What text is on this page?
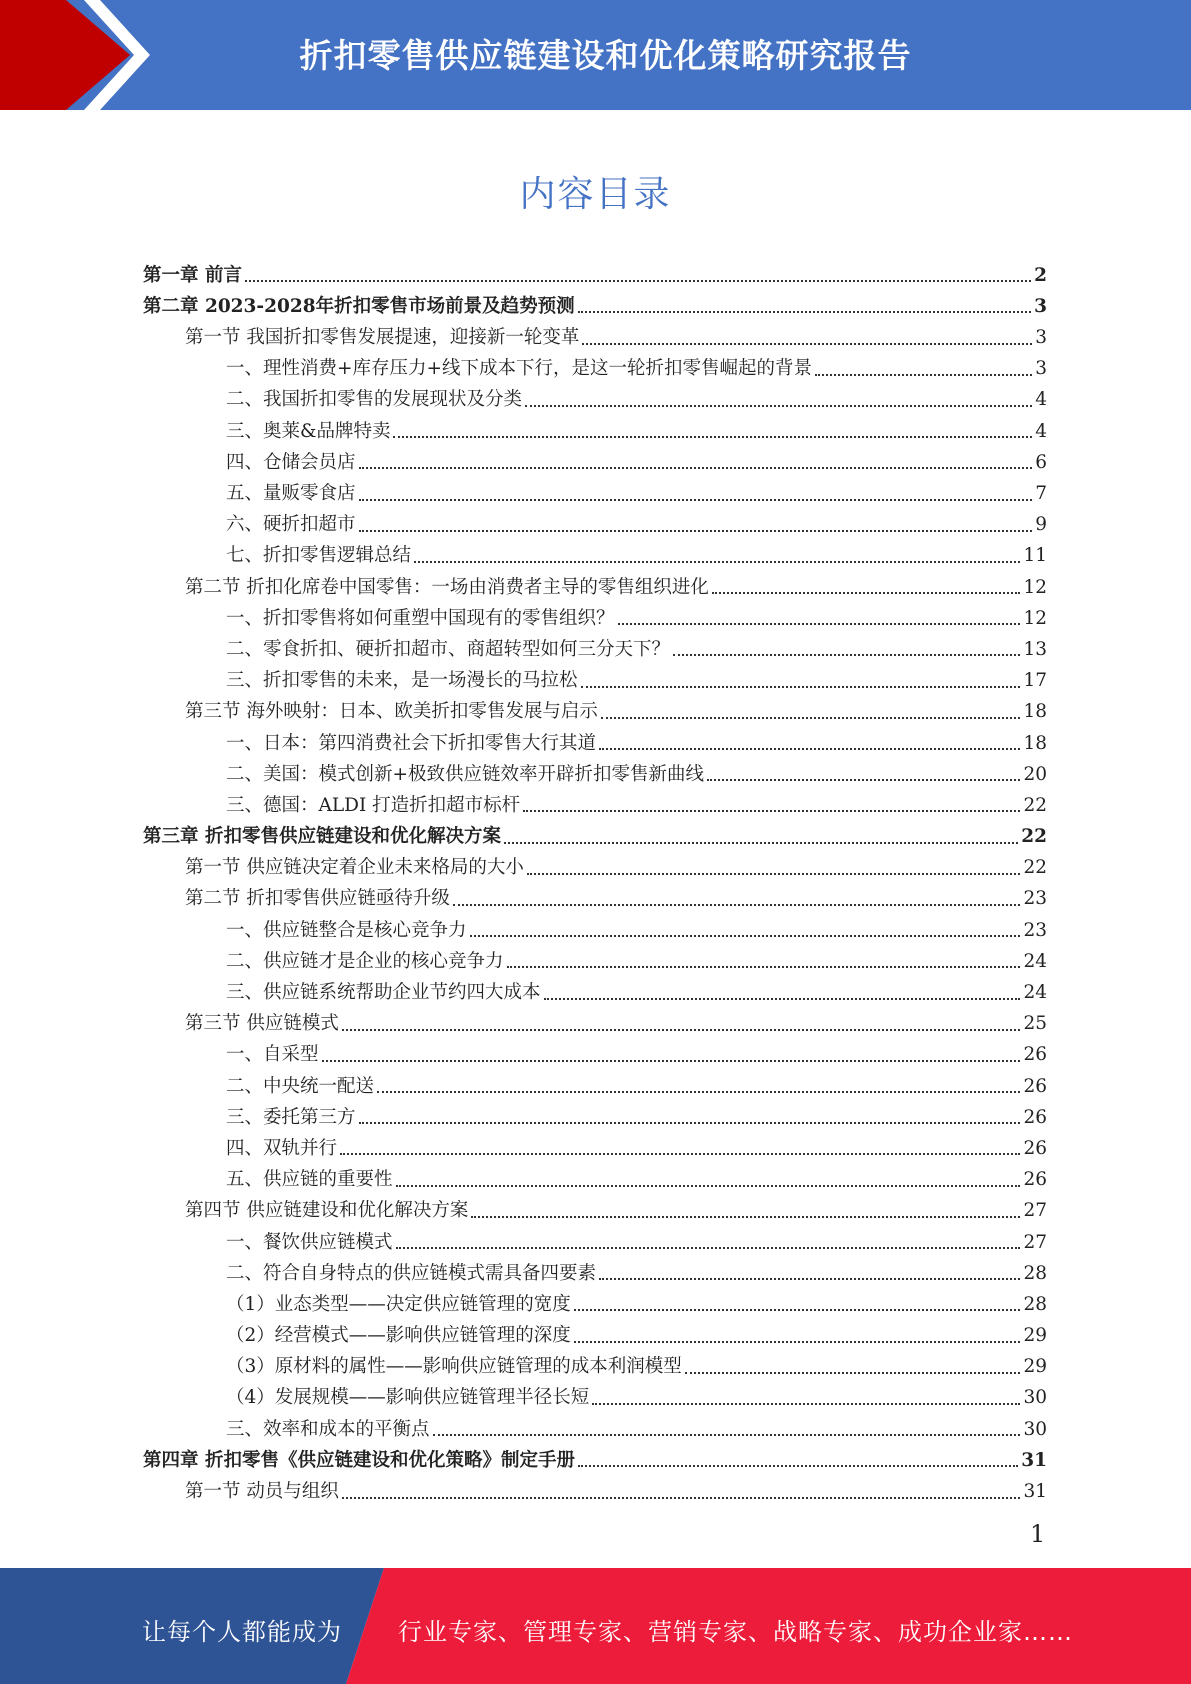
折扣零售供应链建设和优化策略研究报告
内容目录
第一章 前言	2
第二章 2023-2028年折扣零售市场前景及趋势预测	3
第一节 我国折扣零售发展提速，迎接新一轮变革	3
一、理性消费+库存压力+线下成本下行，是这一轮折扣零售崛起的背景	3
二、我国折扣零售的发展现状及分类	4
三、奥莱&品牌特卖	4
四、仓储会员店	6
五、量贩零食店	7
六、硬折扣超市	9
七、折扣零售逻辑总结	11
第二节 折扣化席卷中国零售：一场由消费者主导的零售组织进化	12
一、折扣零售将如何重塑中国现有的零售组织？	12
二、零食折扣、硬折扣超市、商超转型如何三分天下？	13
三、折扣零售的未来，是一场漫长的马拉松	17
第三节 海外映射：日本、欧美折扣零售发展与启示	18
一、日本：第四消费社会下折扣零售大行其道	18
二、美国：模式创新+极致供应链效率开辟折扣零售新曲线	20
三、德国：ALDI 打造折扣超市标杆	22
第三章 折扣零售供应链建设和优化解决方案	22
第一节 供应链决定着企业未来格局的大小	22
第二节 折扣零售供应链亟待升级	23
一、供应链整合是核心竞争力	23
二、供应链才是企业的核心竞争力	24
三、供应链系统帮助企业节约四大成本	24
第三节 供应链模式	25
一、自采型	26
二、中央统一配送	26
三、委托第三方	26
四、双轨并行	26
五、供应链的重要性	26
第四节 供应链建设和优化解决方案	27
一、餐饮供应链模式	27
二、符合自身特点的供应链模式需具备四要素	28
（1）业态类型——决定供应链管理的宽度	28
（2）经营模式——影响供应链管理的深度	29
（3）原材料的属性——影响供应链管理的成本利润模型	29
（4）发展规模——影响供应链管理半径长短	30
三、效率和成本的平衡点	30
第四章 折扣零售《供应链建设和优化策略》制定手册	31
第一节 动员与组织	31
1
让每个人都能成为 行业专家、管理专家、营销专家、战略专家、成功企业家……
